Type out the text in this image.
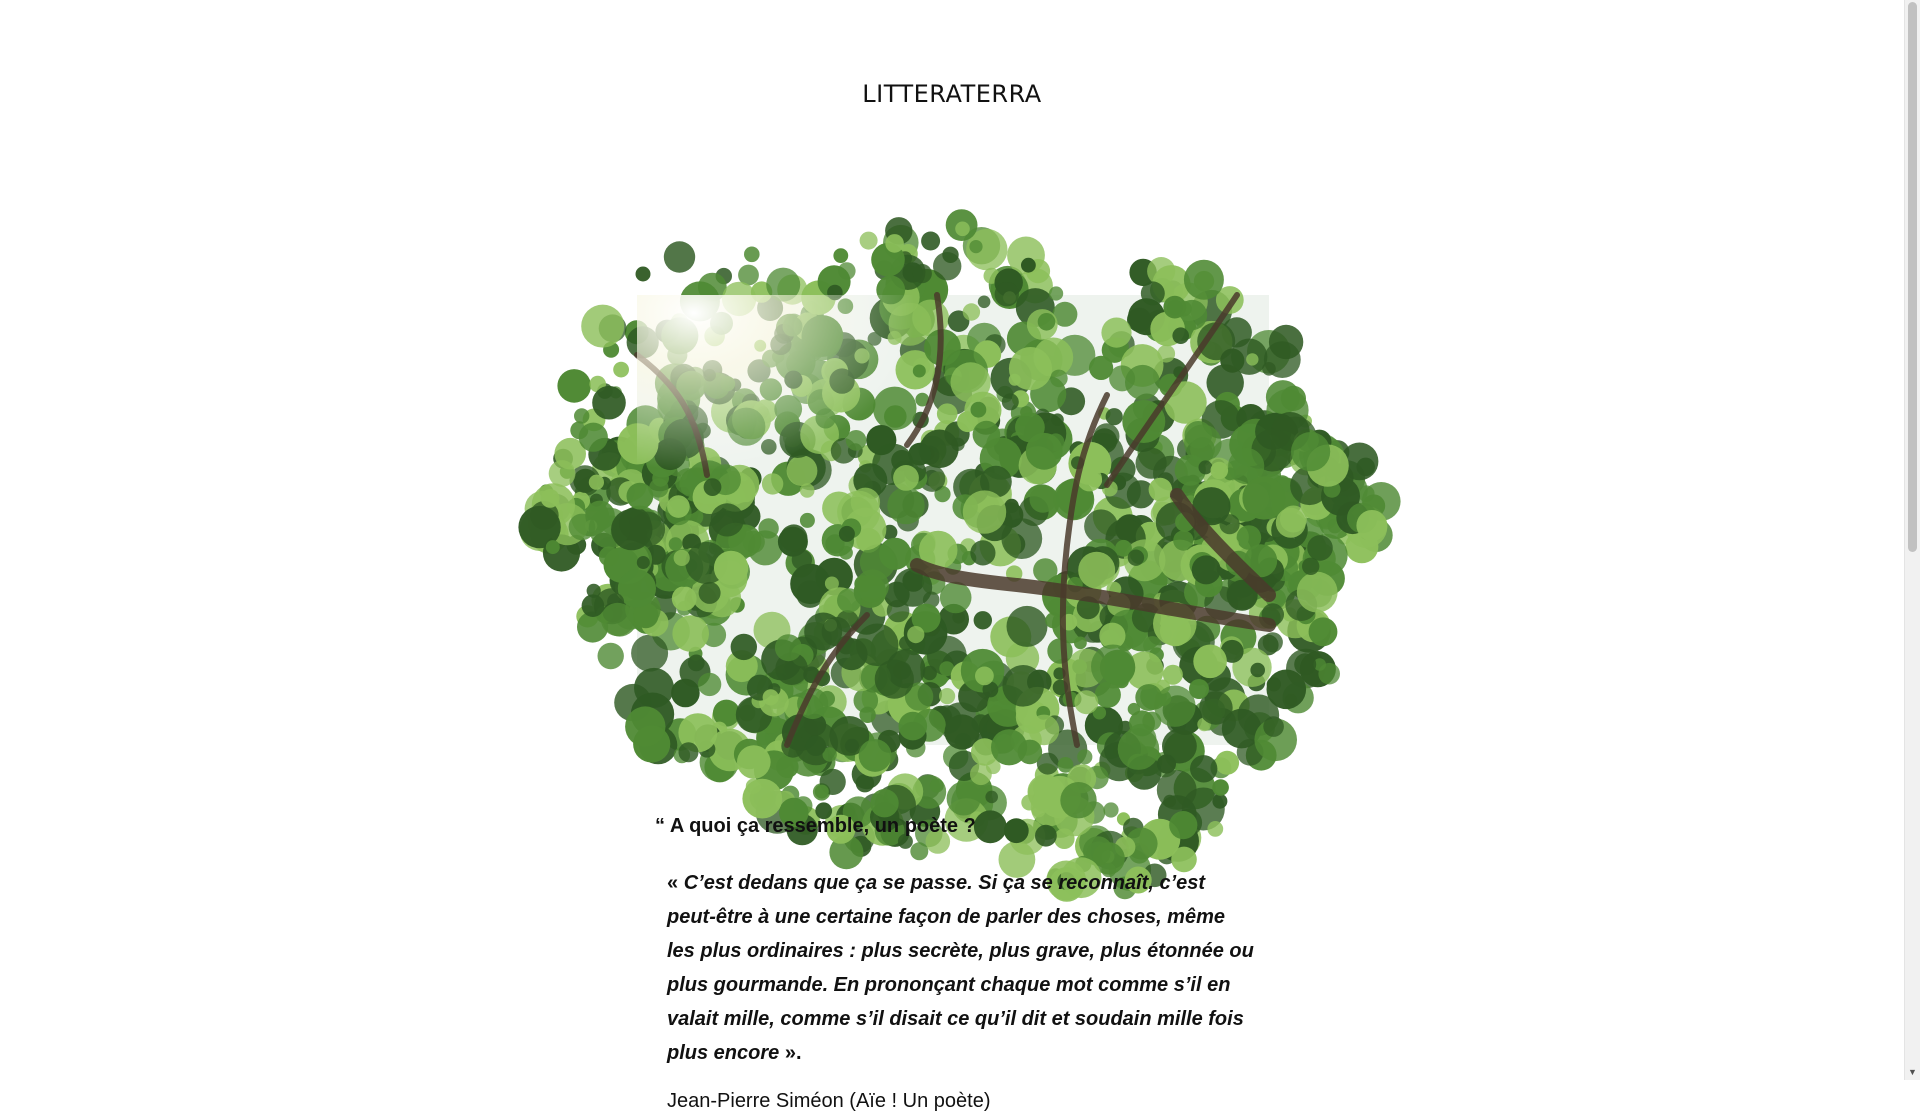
LITTERATERRA

“ A quoi ça ressemble, un poète ?

« C’est dedans que ça se passe. Si ça se reconnaît, c’est peut-être à une certaine façon de parler des choses, même les plus ordinaires : plus secrète, plus grave, plus étonnée ou plus gourmande. En prononçant chaque mot comme s’il en valait mille, comme s’il disait ce qu’il dit et soudain mille fois plus encore ».

Jean-Pierre Siméon (Aïe ! Un poète)

▼
